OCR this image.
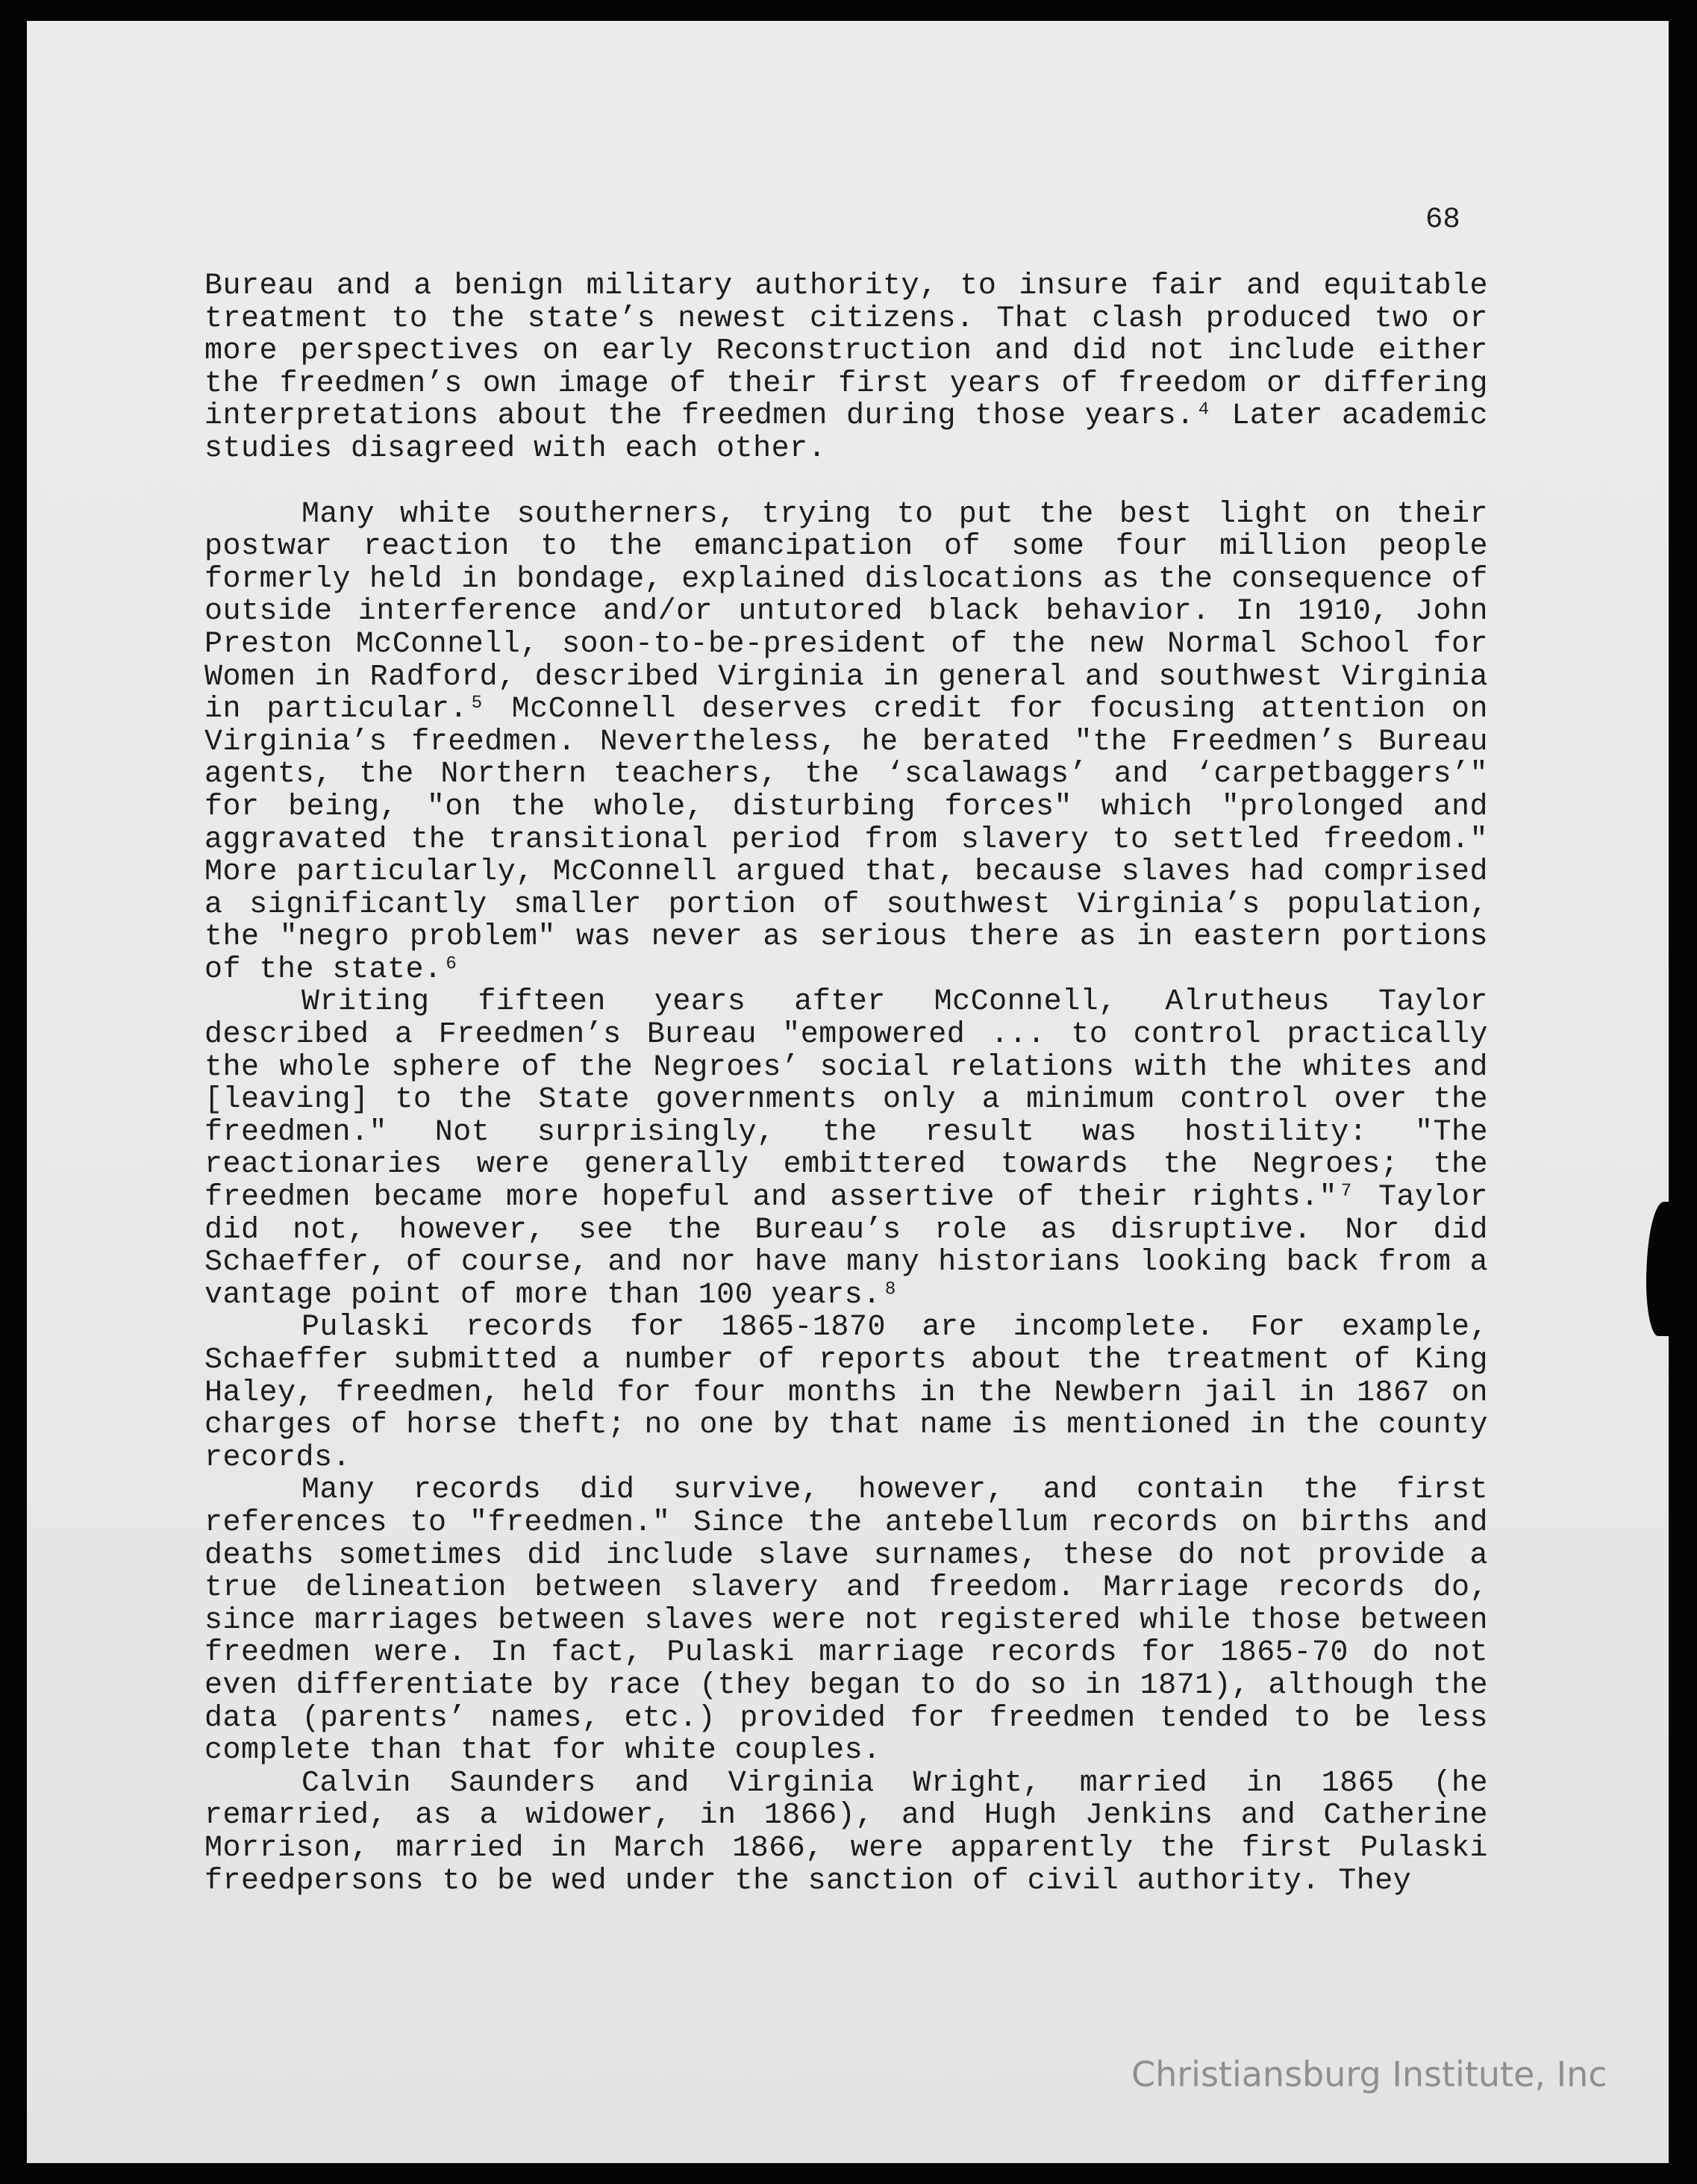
68

Bureau and a benign military authority, to insure fair and equitable treatment to the state’s newest citizens. That clash produced two or more perspectives on early Reconstruction and did not include either the freedmen’s own image of their first years of freedom or differing interpretations about the freedmen during those years.⁴ Later academic studies disagreed with each other.

Many white southerners, trying to put the best light on their postwar reaction to the emancipation of some four million people formerly held in bondage, explained dislocations as the consequence of outside interference and/or untutored black behavior. In 1910, John Preston McConnell, soon-to-be-president of the new Normal School for Women in Radford, described Virginia in general and southwest Virginia in particular.⁵ McConnell deserves credit for focusing attention on Virginia’s freedmen. Nevertheless, he berated "the Freedmen’s Bureau agents, the Northern teachers, the ‘scalawags’ and ‘carpetbaggers’" for being, "on the whole, disturbing forces" which "prolonged and aggravated the transitional period from slavery to settled freedom." More particularly, McConnell argued that, because slaves had comprised a significantly smaller portion of southwest Virginia’s population, the "negro problem" was never as serious there as in eastern portions of the state.⁶

Writing fifteen years after McConnell, Alrutheus Taylor described a Freedmen’s Bureau "empowered ... to control practically the whole sphere of the Negroes’ social relations with the whites and [leaving] to the State governments only a minimum control over the freedmen." Not surprisingly, the result was hostility: "The reactionaries were generally embittered towards the Negroes; the freedmen became more hopeful and assertive of their rights."⁷ Taylor did not, however, see the Bureau’s role as disruptive. Nor did Schaeffer, of course, and nor have many historians looking back from a vantage point of more than 100 years.⁸

Pulaski records for 1865-1870 are incomplete. For example, Schaeffer submitted a number of reports about the treatment of King Haley, freedmen, held for four months in the Newbern jail in 1867 on charges of horse theft; no one by that name is mentioned in the county records.

Many records did survive, however, and contain the first references to "freedmen." Since the antebellum records on births and deaths sometimes did include slave surnames, these do not provide a true delineation between slavery and freedom. Marriage records do, since marriages between slaves were not registered while those between freedmen were. In fact, Pulaski marriage records for 1865-70 do not even differentiate by race (they began to do so in 1871), although the data (parents’ names, etc.) provided for freedmen tended to be less complete than that for white couples.

Calvin Saunders and Virginia Wright, married in 1865 (he remarried, as a widower, in 1866), and Hugh Jenkins and Catherine Morrison, married in March 1866, were apparently the first Pulaski freedpersons to be wed under the sanction of civil authority. They

Christiansburg Institute, Inc
